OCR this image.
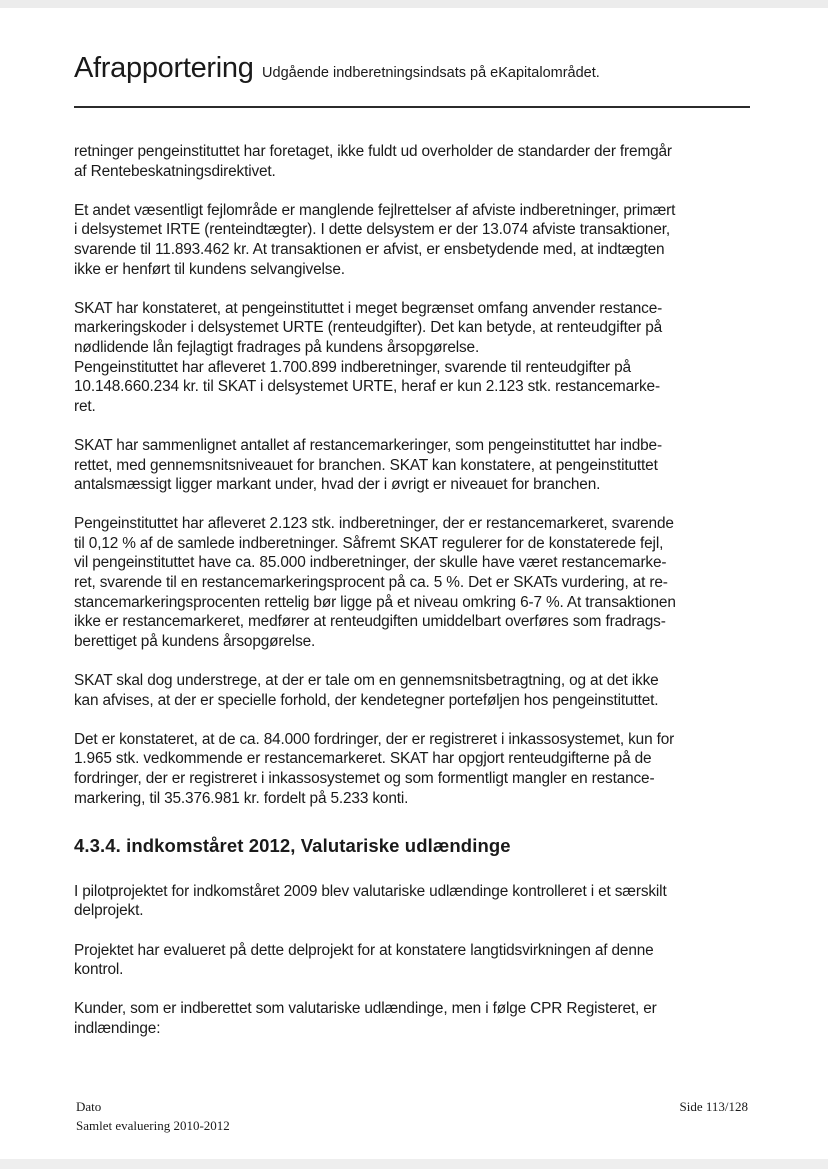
Afrapportering Udgående indberetningsindsats på eKapitalområdet.

retninger pengeinstituttet har foretaget, ikke fuldt ud overholder de standarder der fremgår
af Rentebeskatningsdirektivet.

Et andet væsentligt fejlområde er manglende fejlrettelser af afviste indberetninger, primært
i delsystemet IRTE (renteindtægter). I dette delsystem er der 13.074 afviste transaktioner,
svarende til 11.893.462 kr. At transaktionen er afvist, er ensbetydende med, at indtægten
ikke er henført til kundens selvangivelse.

SKAT har konstateret, at pengeinstituttet i meget begrænset omfang anvender restance-
markeringskoder i delsystemet URTE (renteudgifter). Det kan betyde, at renteudgifter på
nødlidende lån fejlagtigt fradrages på kundens årsopgørelse.
Pengeinstituttet har afleveret 1.700.899 indberetninger, svarende til renteudgifter på
10.148.660.234 kr. til SKAT i delsystemet URTE, heraf er kun 2.123 stk. restancemarke-
ret.

SKAT har sammenlignet antallet af restancemarkeringer, som pengeinstituttet har indbe-
rettet, med gennemsnitsniveauet for branchen. SKAT kan konstatere, at pengeinstituttet
antalsmæssigt ligger markant under, hvad der i øvrigt er niveauet for branchen.

Pengeinstituttet har afleveret 2.123 stk. indberetninger, der er restancemarkeret, svarende
til 0,12 % af de samlede indberetninger. Såfremt SKAT regulerer for de konstaterede fejl,
vil pengeinstituttet have ca. 85.000 indberetninger, der skulle have været restancemarke-
ret, svarende til en restancemarkeringsprocent på ca. 5 %. Det er SKATs vurdering, at re-
stancemarkeringsprocenten rettelig bør ligge på et niveau omkring 6-7 %. At transaktionen
ikke er restancemarkeret, medfører at renteudgiften umiddelbart overføres som fradrags-
berettiget på kundens årsopgørelse.

SKAT skal dog understrege, at der er tale om en gennemsnitsbetragtning, og at det ikke
kan afvises, at der er specielle forhold, der kendetegner porteføljen hos pengeinstituttet.

Det er konstateret, at de ca. 84.000 fordringer, der er registreret i inkassosystemet, kun for
1.965 stk. vedkommende er restancemarkeret. SKAT har opgjort renteudgifterne på de
fordringer, der er registreret i inkassosystemet og som formentligt mangler en restance-
markering, til 35.376.981 kr. fordelt på 5.233 konti.

4.3.4. indkomståret 2012, Valutariske udlændinge

I pilotprojektet for indkomståret 2009 blev valutariske udlændinge kontrolleret i et særskilt
delprojekt.

Projektet har evalueret på dette delprojekt for at konstatere langtidsvirkningen af denne
kontrol.

Kunder, som er indberettet som valutariske udlændinge, men i følge CPR Registeret, er
indlændinge:

Dato
Samlet evaluering 2010-2012
Side 113/128
